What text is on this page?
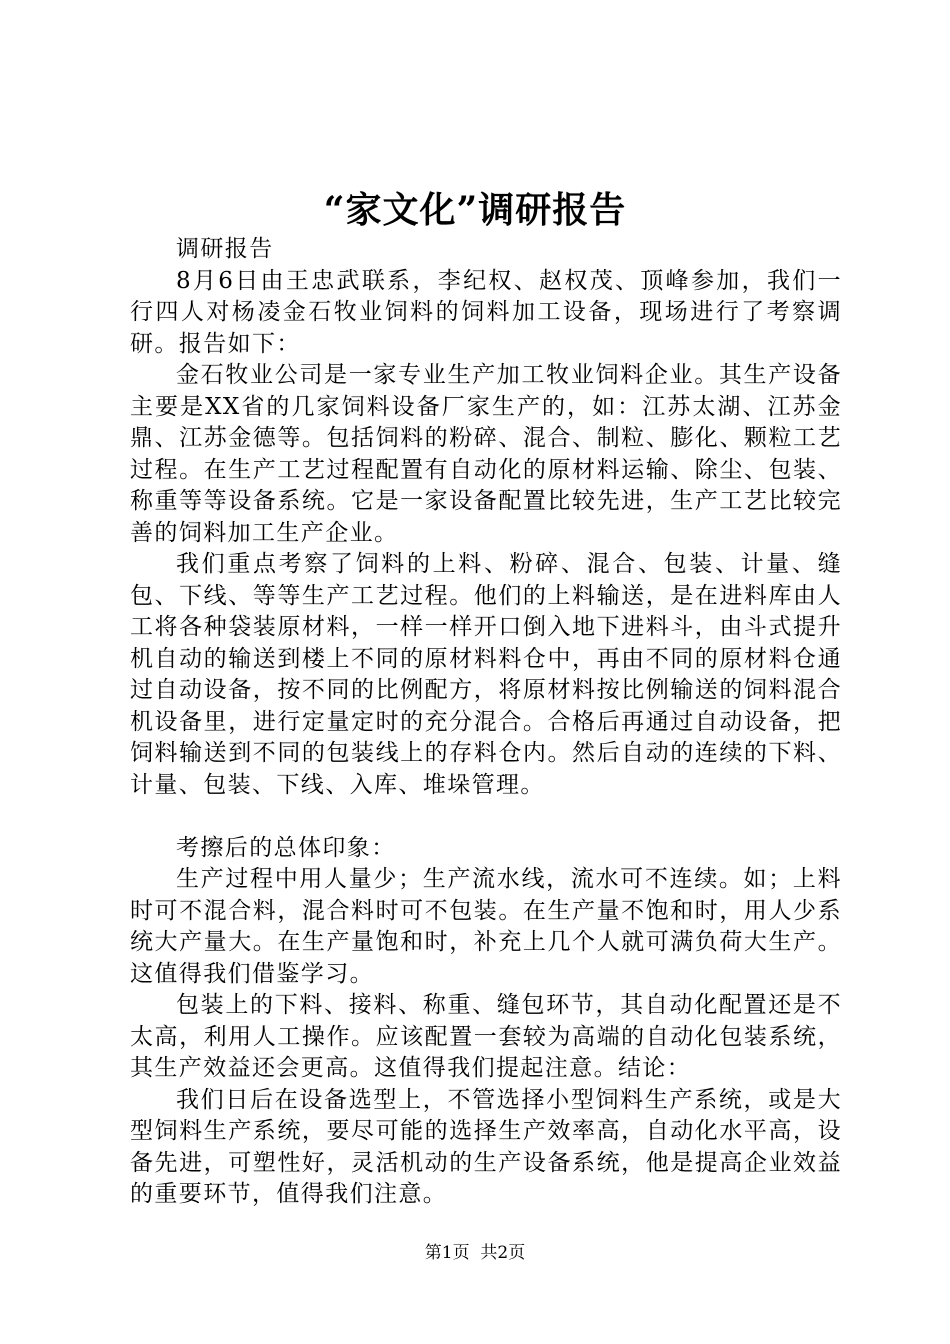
“家文化”调研报告

调研报告

8月6日由王忠武联系，李纪权、赵权茂、顶峰参加，我们一行四人对杨凌金石牧业饲料的饲料加工设备，现场进行了考察调研。报告如下：

金石牧业公司是一家专业生产加工牧业饲料企业。其生产设备主要是XX省的几家饲料设备厂家生产的，如：江苏太湖、江苏金鼎、江苏金德等。包括饲料的粉碎、混合、制粒、膨化、颗粒工艺过程。在生产工艺过程配置有自动化的原材料运输、除尘、包装、称重等等设备系统。它是一家设备配置比较先进，生产工艺比较完善的饲料加工生产企业。

我们重点考察了饲料的上料、粉碎、混合、包装、计量、缝包、下线、等等生产工艺过程。他们的上料输送，是在进料库由人工将各种袋装原材料，一样一样开口倒入地下进料斗，由斗式提升机自动的输送到楼上不同的原材料料仓中，再由不同的原材料仓通过自动设备，按不同的比例配方，将原材料按比例输送的饲料混合机设备里，进行定量定时的充分混合。合格后再通过自动设备，把饲料输送到不同的包装线上的存料仓内。然后自动的连续的下料、计量、包装、下线、入库、堆垛管理。

考擦后的总体印象：

生产过程中用人量少；生产流水线，流水可不连续。如；上料时可不混合料，混合料时可不包装。在生产量不饱和时，用人少系统大产量大。在生产量饱和时，补充上几个人就可满负荷大生产。这值得我们借鉴学习。

包装上的下料、接料、称重、缝包环节，其自动化配置还是不太高，利用人工操作。应该配置一套较为高端的自动化包装系统，其生产效益还会更高。这值得我们提起注意。结论：

我们日后在设备选型上，不管选择小型饲料生产系统，或是大型饲料生产系统，要尽可能的选择生产效率高，自动化水平高，设备先进，可塑性好，灵活机动的生产设备系统，他是提高企业效益的重要环节，值得我们注意。

第1页 共2页
